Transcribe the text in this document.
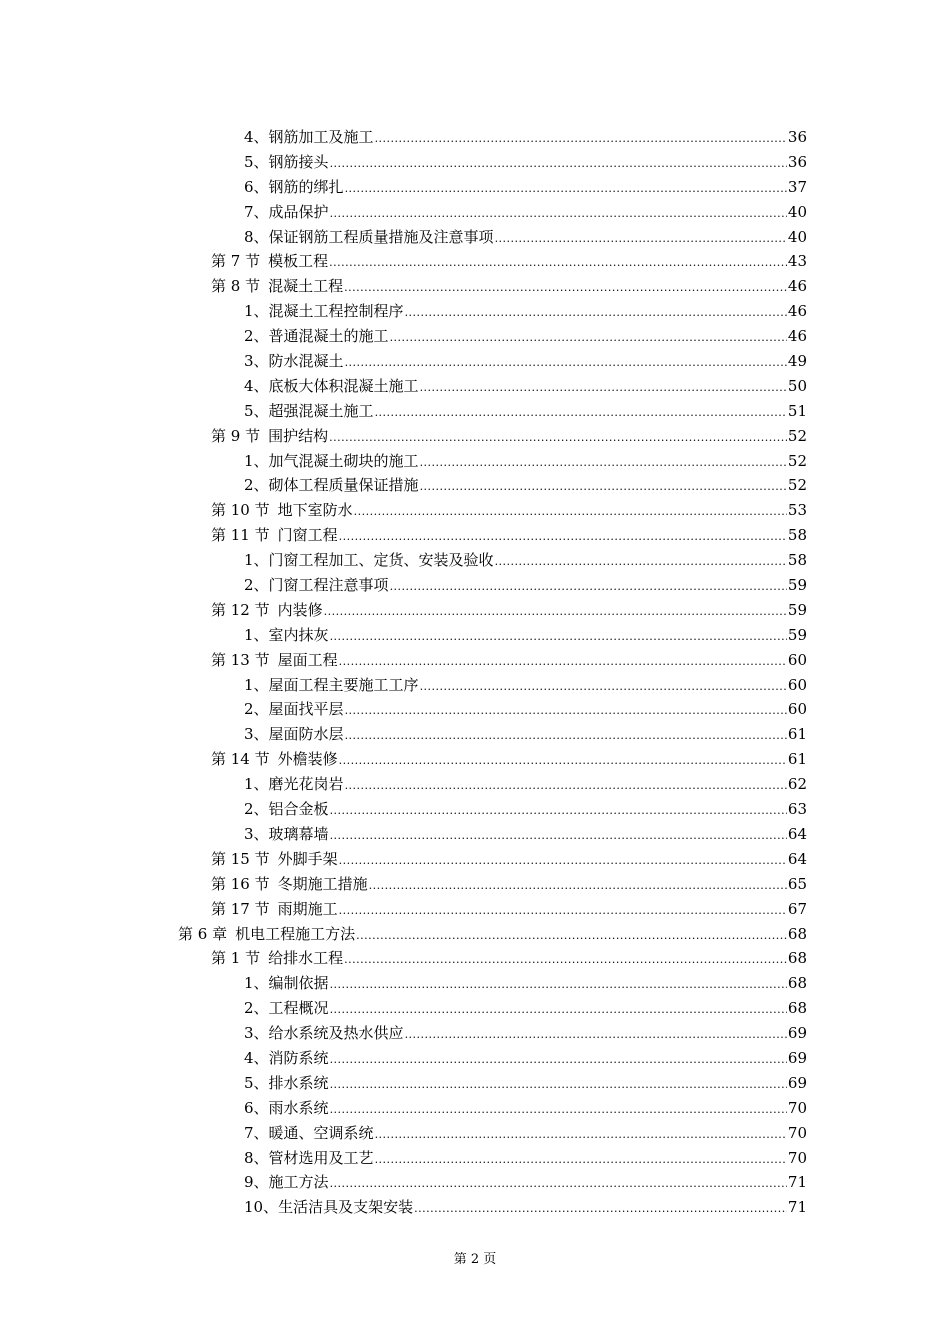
4、 钢筋加工及施工 .....	36
5、 钢筋接头 .....	36
6、 钢筋的绑扎 .....	37
7、 成品保护 .....	40
8、 保证钢筋工程质量措施及注意事项 .....	40
第 7 节 模板工程 .....	43
第 8 节 混凝土工程 .....	46
1、 混凝土工程控制程序 .....	46
2、 普通混凝土的施工 .....	46
3、 防水混凝土 .....	49
4、 底板大体积混凝土施工 .....	50
5、 超强混凝土施工 .....	51
第 9 节 围护结构 .....	52
1、 加气混凝土砌块的施工 .....	52
2、 砌体工程质量保证措施 .....	52
第 10 节 地下室防水 .....	53
第 11 节 门窗工程 .....	58
1、 门窗工程加工、定货、安装及验收 .....	58
2、 门窗工程注意事项 .....	59
第 12 节 内装修 .....	59
1、 室内抹灰 .....	59
第 13 节 屋面工程 .....	60
1、 屋面工程主要施工工序 .....	60
2、 屋面找平层 .....	60
3、 屋面防水层 .....	61
第 14 节 外檐装修 .....	61
1、 磨光花岗岩 .....	62
2、 铝合金板 .....	63
3、 玻璃幕墙 .....	64
第 15 节 外脚手架 .....	64
第 16 节 冬期施工措施 .....	65
第 17 节 雨期施工 .....	67
第 6 章 机电工程施工方法 .....	68
第 1 节 给排水工程 .....	68
1、 编制依据 .....	68
2、 工程概况 .....	68
3、 给水系统及热水供应 .....	69
4、 消防系统 .....	69
5、 排水系统 .....	69
6、 雨水系统 .....	70
7、 暖通、空调系统 .....	70
8、 管材选用及工艺 .....	70
9、 施工方法 .....	71
10、 生活洁具及支架安装 .....	71
第 2 页
